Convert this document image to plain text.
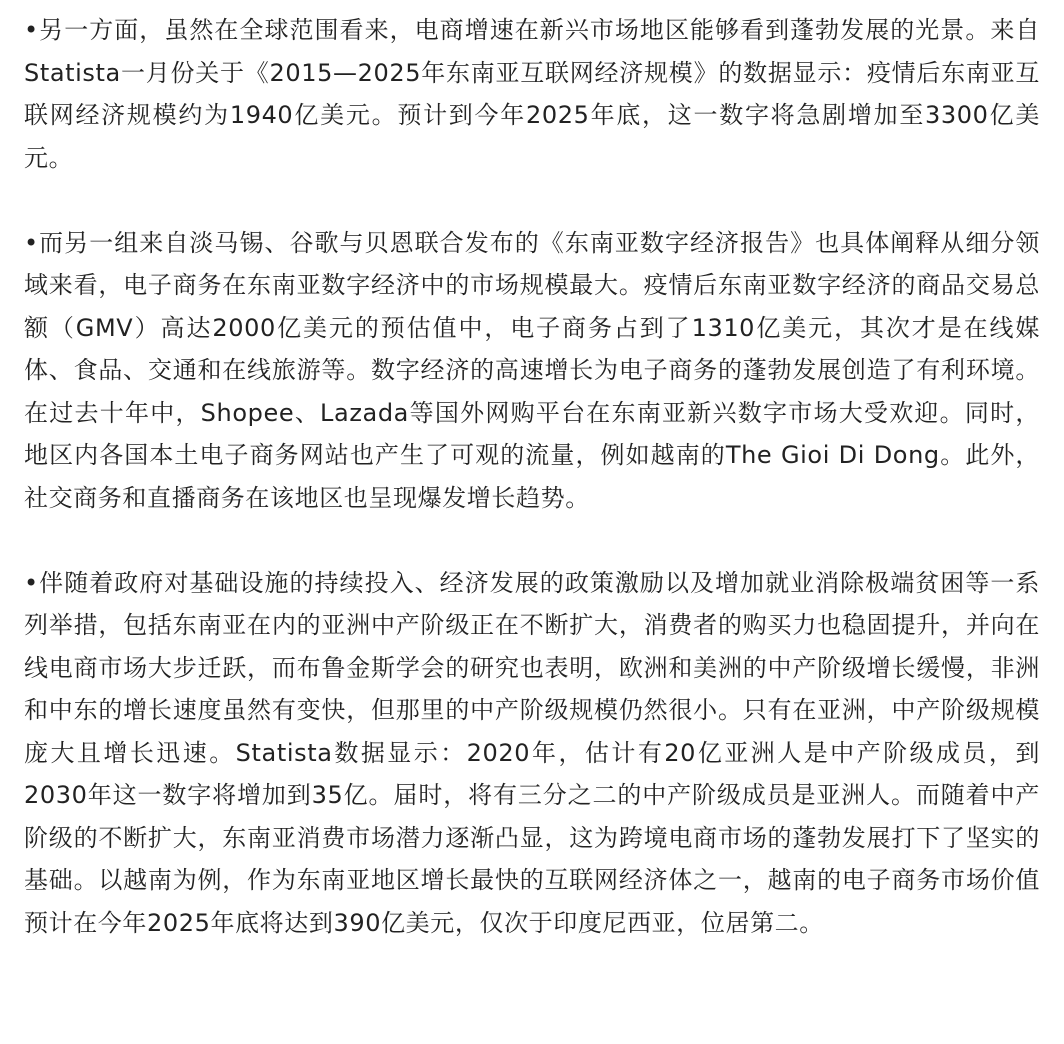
•另一方面，虽然在全球范围看来，电商增速在新兴市场地区能够看到蓬勃发展的光景。来自Statista一月份关于《2015—2025年东南亚互联网经济规模》的数据显示：疫情后东南亚互联网经济规模约为1940亿美元。预计到今年2025年底，这一数字将急剧增加至3300亿美元。

•而另一组来自淡马锡、谷歌与贝恩联合发布的《东南亚数字经济报告》也具体阐释从细分领域来看，电子商务在东南亚数字经济中的市场规模最大。疫情后东南亚数字经济的商品交易总额（GMV）高达2000亿美元的预估值中，电子商务占到了1310亿美元，其次才是在线媒体、食品、交通和在线旅游等。数字经济的高速增长为电子商务的蓬勃发展创造了有利环境。在过去十年中，Shopee、Lazada等国外网购平台在东南亚新兴数字市场大受欢迎。同时，地区内各国本土电子商务网站也产生了可观的流量，例如越南的The Gioi Di Dong。此外，社交商务和直播商务在该地区也呈现爆发增长趋势。

•伴随着政府对基础设施的持续投入、经济发展的政策激励以及增加就业消除极端贫困等一系列举措，包括东南亚在内的亚洲中产阶级正在不断扩大，消费者的购买力也稳固提升，并向在线电商市场大步迁跃，而布鲁金斯学会的研究也表明，欧洲和美洲的中产阶级增长缓慢，非洲和中东的增长速度虽然有变快，但那里的中产阶级规模仍然很小。只有在亚洲，中产阶级规模庞大且增长迅速。Statista数据显示：2020年，估计有20亿亚洲人是中产阶级成员，到2030年这一数字将增加到35亿。届时，将有三分之二的中产阶级成员是亚洲人。而随着中产阶级的不断扩大，东南亚消费市场潜力逐渐凸显，这为跨境电商市场的蓬勃发展打下了坚实的基础。以越南为例，作为东南亚地区增长最快的互联网经济体之一，越南的电子商务市场价值预计在今年2025年底将达到390亿美元，仅次于印度尼西亚，位居第二。
